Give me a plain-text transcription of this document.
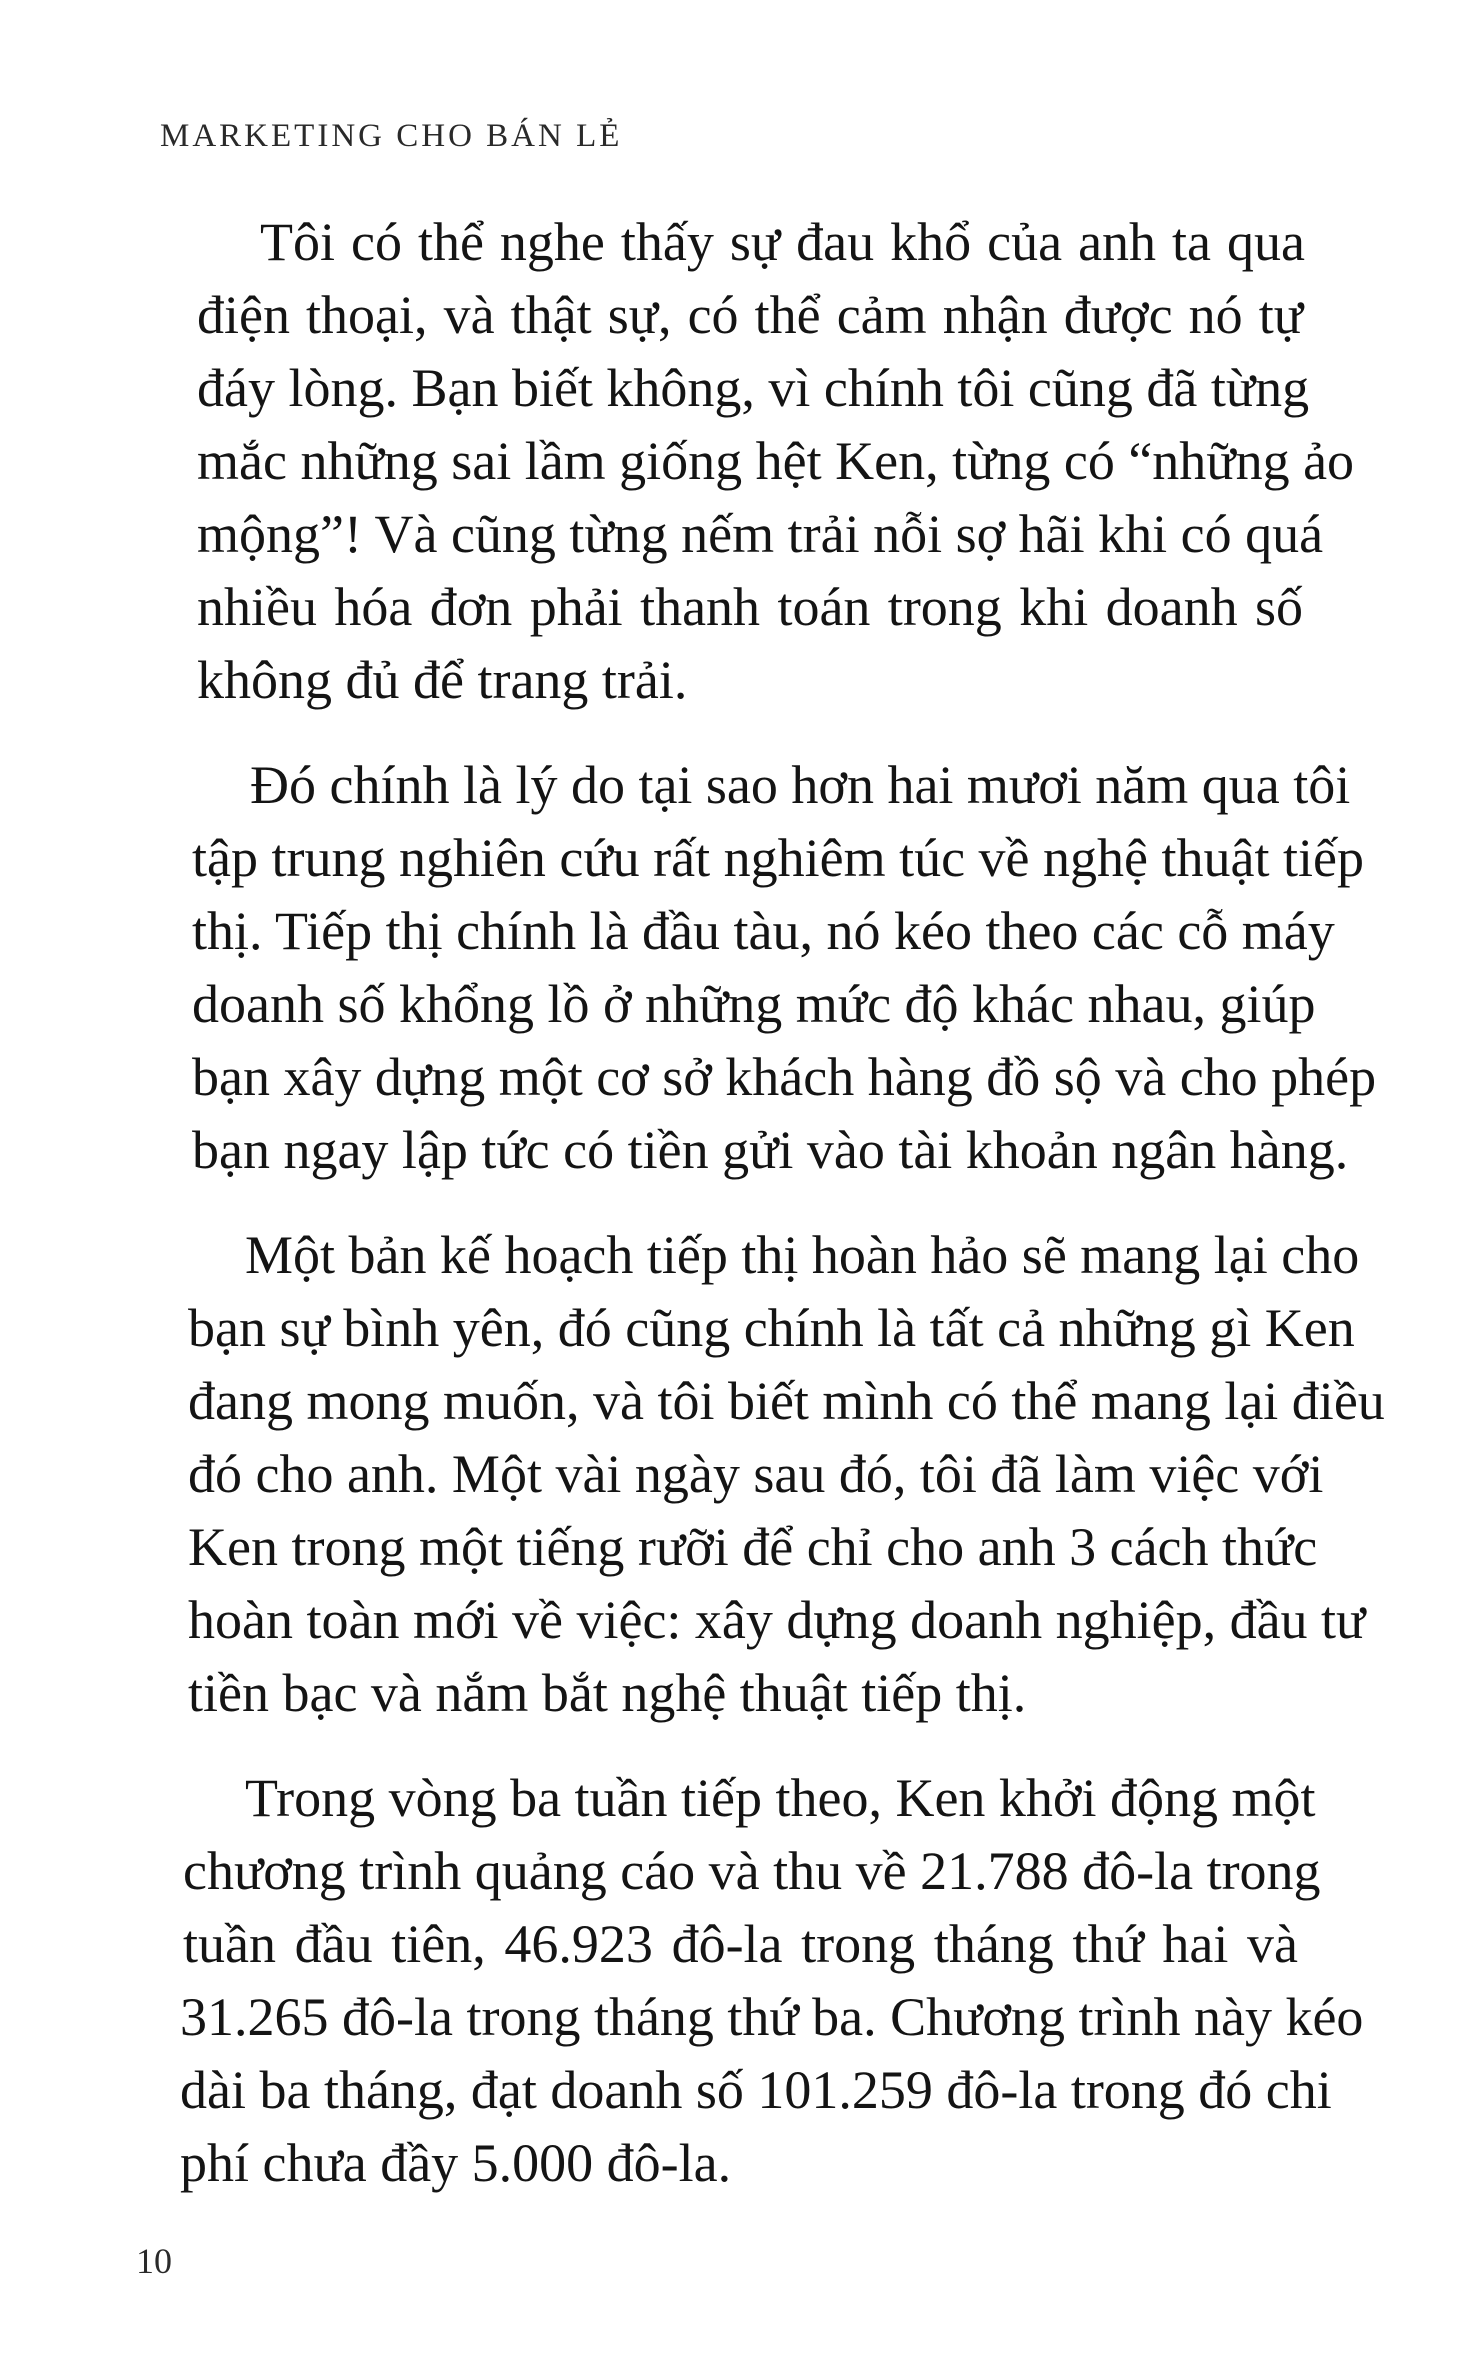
MARKETING CHO BÁN LẺ
Tôi có thể nghe thấy sự đau khổ của anh ta qua
điện thoại, và thật sự, có thể cảm nhận được nó tự
đáy lòng. Bạn biết không, vì chính tôi cũng đã từng
mắc những sai lầm giống hệt Ken, từng có “những ảo
mộng”! Và cũng từng nếm trải nỗi sợ hãi khi có quá
nhiều hóa đơn phải thanh toán trong khi doanh số
không đủ để trang trải.
Đó chính là lý do tại sao hơn hai mươi năm qua tôi
tập trung nghiên cứu rất nghiêm túc về nghệ thuật tiếp
thị. Tiếp thị chính là đầu tàu, nó kéo theo các cỗ máy
doanh số khổng lồ ở những mức độ khác nhau, giúp
bạn xây dựng một cơ sở khách hàng đồ sộ và cho phép
bạn ngay lập tức có tiền gửi vào tài khoản ngân hàng.
Một bản kế hoạch tiếp thị hoàn hảo sẽ mang lại cho
bạn sự bình yên, đó cũng chính là tất cả những gì Ken
đang mong muốn, và tôi biết mình có thể mang lại điều
đó cho anh. Một vài ngày sau đó, tôi đã làm việc với
Ken trong một tiếng rưỡi để chỉ cho anh 3 cách thức
hoàn toàn mới về việc: xây dựng doanh nghiệp, đầu tư
tiền bạc và nắm bắt nghệ thuật tiếp thị.
Trong vòng ba tuần tiếp theo, Ken khởi động một
chương trình quảng cáo và thu về 21.788 đô-la trong
tuần đầu tiên, 46.923 đô-la trong tháng thứ hai và
31.265 đô-la trong tháng thứ ba. Chương trình này kéo
dài ba tháng, đạt doanh số 101.259 đô-la trong đó chi
phí chưa đầy 5.000 đô-la.
10
